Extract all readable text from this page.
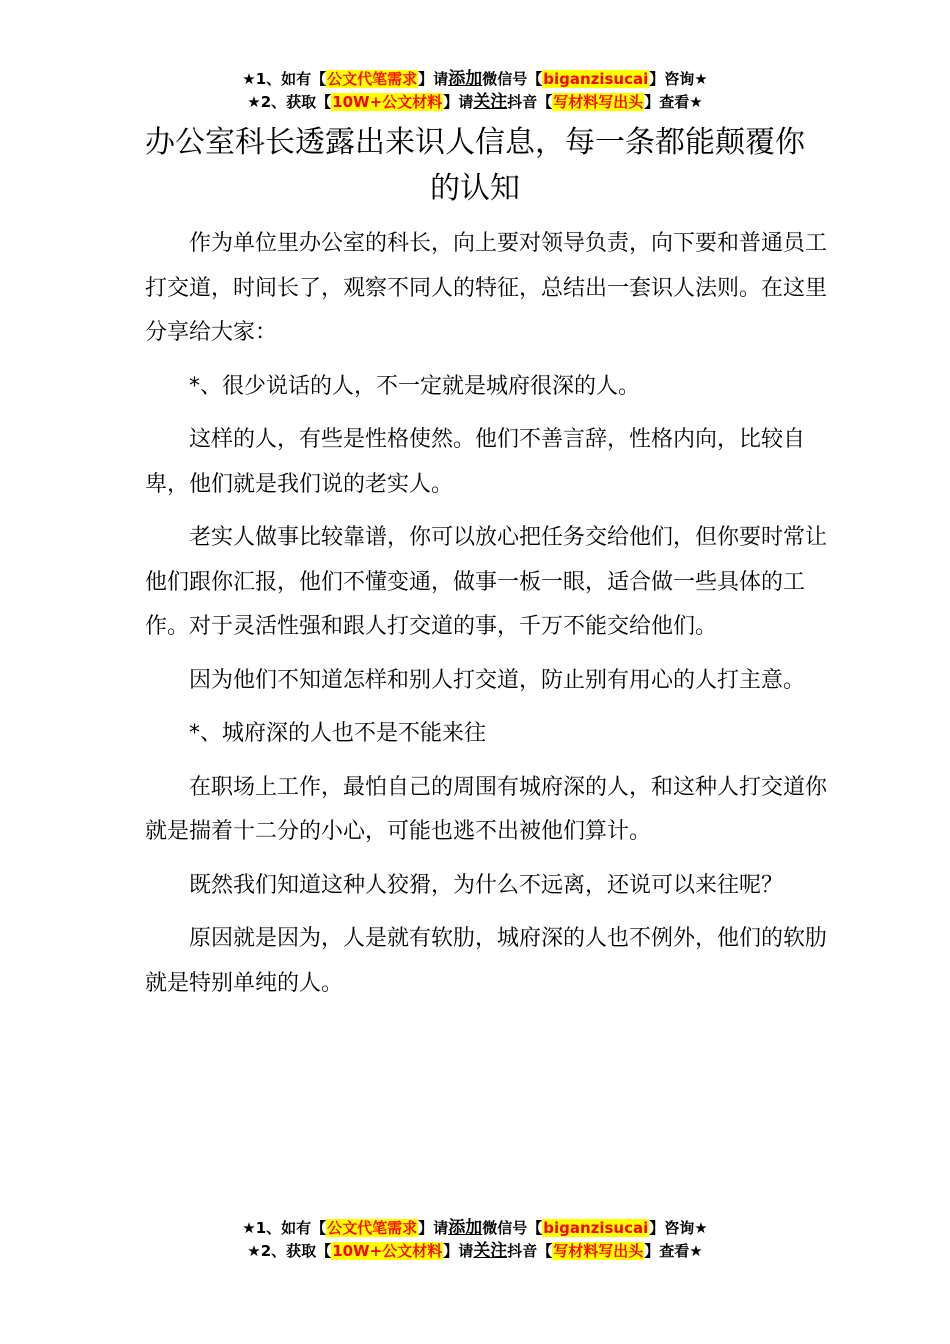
★1、如有【公文代笔需求】请添加微信号【biganzisucai】咨询★
★2、获取【10W+公文材料】请关注抖音【写材料写出头】查看★
办公室科长透露出来识人信息，每一条都能颠覆你的认知

作为单位里办公室的科长，向上要对领导负责，向下要和普通员工打交道，时间长了，观察不同人的特征，总结出一套识人法则。在这里分享给大家：

*、很少说话的人，不一定就是城府很深的人。

这样的人，有些是性格使然。他们不善言辞，性格内向，比较自卑，他们就是我们说的老实人。

老实人做事比较靠谱，你可以放心把任务交给他们，但你要时常让他们跟你汇报，他们不懂变通，做事一板一眼，适合做一些具体的工作。对于灵活性强和跟人打交道的事，千万不能交给他们。

因为他们不知道怎样和别人打交道，防止别有用心的人打主意。

*、城府深的人也不是不能来往

在职场上工作，最怕自己的周围有城府深的人，和这种人打交道你就是揣着十二分的小心，可能也逃不出被他们算计。

既然我们知道这种人狡猾，为什么不远离，还说可以来往呢？

原因就是因为，人是就有软肋，城府深的人也不例外，他们的软肋就是特别单纯的人。

★1、如有【公文代笔需求】请添加微信号【biganzisucai】咨询★
★2、获取【10W+公文材料】请关注抖音【写材料写出头】查看★
